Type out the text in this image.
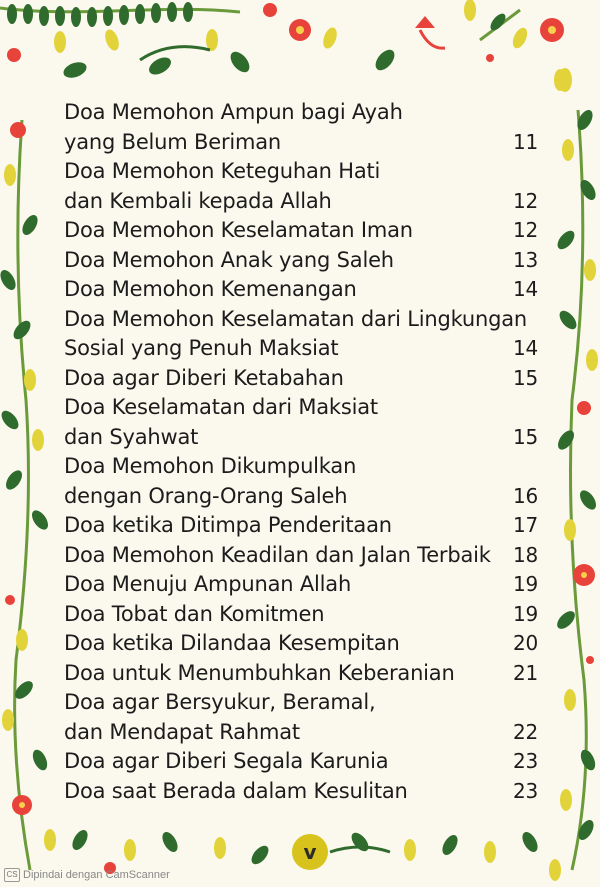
Doa Memohon Ampun bagi Ayah
yang Belum Beriman	11
Doa Memohon Keteguhan Hati
dan Kembali kepada Allah	12
Doa Memohon Keselamatan Iman	12
Doa Memohon Anak yang Saleh	13
Doa Memohon Kemenangan	14
Doa Memohon Keselamatan dari Lingkungan
Sosial yang Penuh Maksiat	14
Doa agar Diberi Ketabahan	15
Doa Keselamatan dari Maksiat
dan Syahwat	15
Doa Memohon Dikumpulkan
dengan Orang-Orang Saleh	16
Doa ketika Ditimpa Penderitaan	17
Doa Memohon Keadilan dan Jalan Terbaik 18
Doa Menuju Ampunan Allah	19
Doa Tobat dan Komitmen	19
Doa ketika Dilandaa Kesempitan	20
Doa untuk Menumbuhkan Keberanian	21
Doa agar Bersyukur, Beramal,
dan Mendapat Rahmat	22
Doa agar Diberi Segala Karunia	23
Doa saat Berada dalam Kesulitan	23
v
CS Dipindai dengan CamScanner
